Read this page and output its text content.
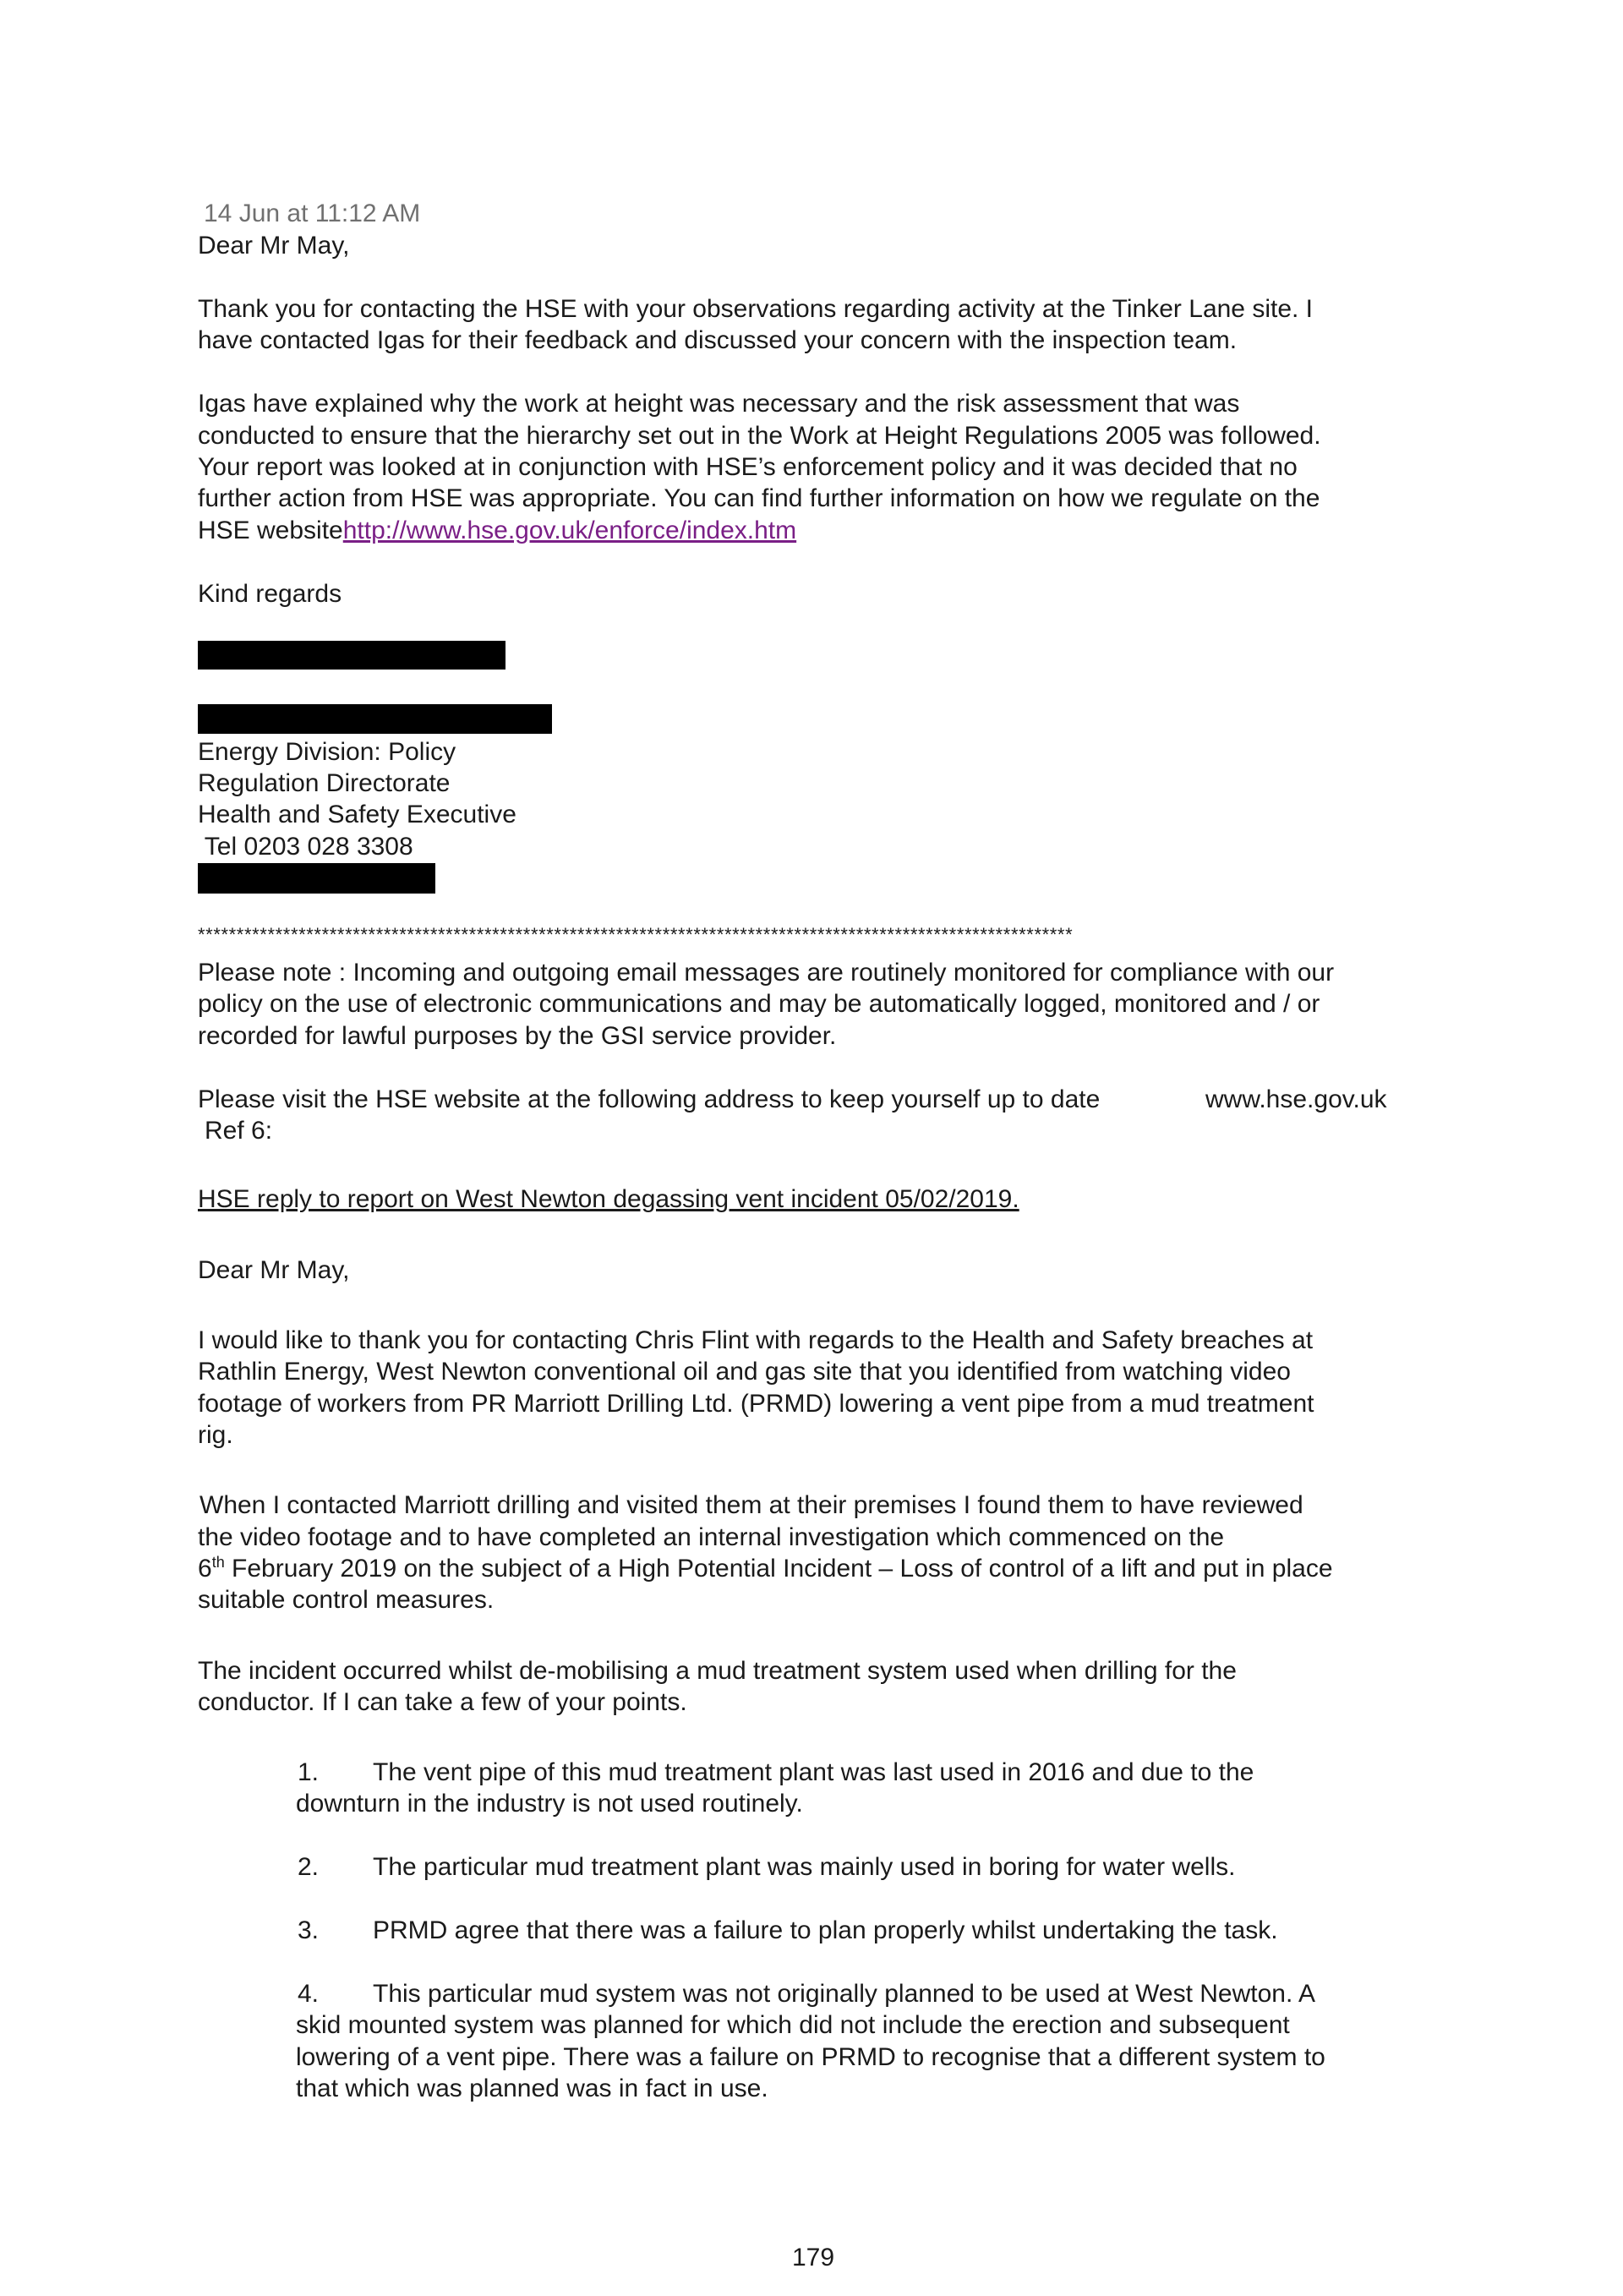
14 Jun at 11:12 AM

Dear Mr May,

Thank you for contacting the HSE with your observations regarding activity at the Tinker Lane site. I

have contacted Igas for their feedback and discussed your concern with the inspection team.

Igas have explained why the work at height was necessary and the risk assessment that was

conducted to ensure that the hierarchy set out in the Work at Height Regulations 2005 was followed.

Your report was looked at in conjunction with HSE’s enforcement policy and it was decided that no

further action from HSE was appropriate. You can find further information on how we regulate on the

HSE websitehttp://www.hse.gov.uk/enforce/index.htm

Kind regards

Energy Division: Policy

Regulation Directorate

Health and Safety Executive

Tel 0203 028 3308

*****************************************************************************************************************

Please note : Incoming and outgoing email messages are routinely monitored for compliance with our

policy on the use of electronic communications and may be automatically logged, monitored and / or

recorded for lawful purposes by the GSI service provider.

Please visit the HSE website at the following address to keep yourself up to date	www.hse.gov.uk

Ref 6:

HSE reply to report on West Newton degassing vent incident 05/02/2019.

Dear Mr May,

I would like to thank you for contacting Chris Flint with regards to the Health and Safety breaches at

Rathlin Energy, West Newton conventional oil and gas site that you identified from watching video

footage of workers from PR Marriott Drilling Ltd. (PRMD) lowering a vent pipe from a mud treatment

rig.

When I contacted Marriott drilling and visited them at their premises I found them to have reviewed

the video footage and to have completed an internal investigation which commenced on the

6th February 2019 on the subject of a High Potential Incident – Loss of control of a lift and put in place

suitable control measures.

The incident occurred whilst de-mobilising a mud treatment system used when drilling for the

conductor. If I can take a few of your points.

1. The vent pipe of this mud treatment plant was last used in 2016 and due to the

downturn in the industry is not used routinely.

2. The particular mud treatment plant was mainly used in boring for water wells.

3. PRMD agree that there was a failure to plan properly whilst undertaking the task.

4. This particular mud system was not originally planned to be used at West Newton. A

skid mounted system was planned for which did not include the erection and subsequent

lowering of a vent pipe. There was a failure on PRMD to recognise that a different system to

that which was planned was in fact in use.

179
